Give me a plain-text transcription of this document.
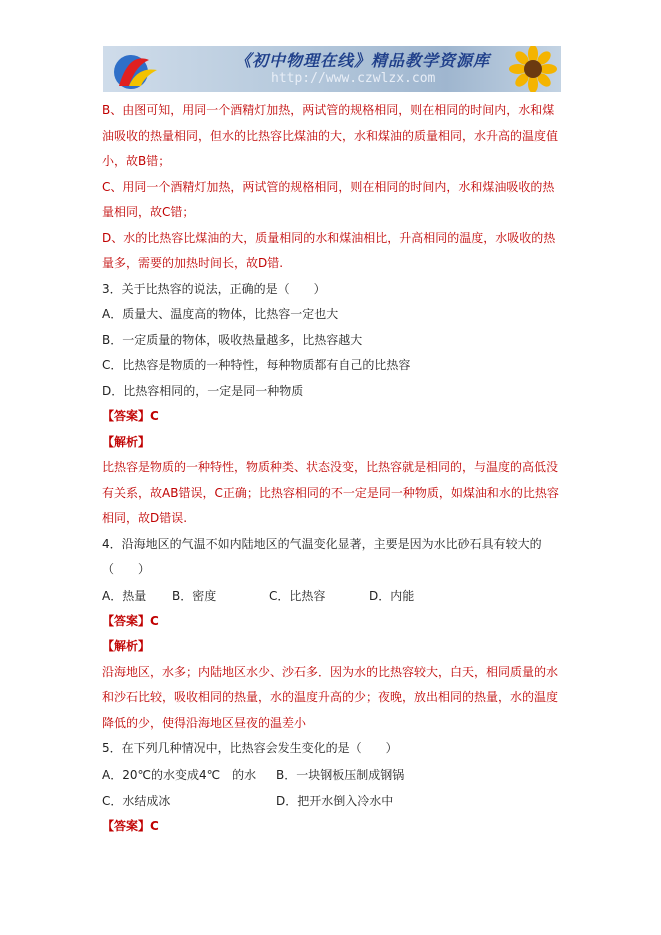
《初中物理在线》精品教学资源库
http://www.czwlzx.com

B、由图可知，用同一个酒精灯加热，两试管的规格相同，则在相同的时间内，水和煤油吸收的热量相同，但水的比热容比煤油的大，水和煤油的质量相同，水升高的温度值小，故B错；

C、用同一个酒精灯加热，两试管的规格相同，则在相同的时间内，水和煤油吸收的热量相同，故C错；

D、水的比热容比煤油的大，质量相同的水和煤油相比，升高相同的温度，水吸收的热量多，需要的加热时间长，故D错.

3．关于比热容的说法，正确的是（　　）

A．质量大、温度高的物体，比热容一定也大

B．一定质量的物体，吸收热量越多，比热容越大

C．比热容是物质的一种特性，每种物质都有自己的比热容

D．比热容相同的，一定是同一种物质

【答案】C

【解析】

比热容是物质的一种特性，物质种类、状态没变，比热容就是相同的，与温度的高低没有关系，故AB错误，C正确；比热容相同的不一定是同一种物质，如煤油和水的比热容相同，故D错误.

4．沿海地区的气温不如内陆地区的气温变化显著，主要是因为水比砂石具有较大的（　　）

A．热量	B．密度	C．比热容	D．内能

【答案】C

【解析】

沿海地区，水多；内陆地区水少、沙石多．因为水的比热容较大，白天，相同质量的水和沙石比较，吸收相同的热量，水的温度升高的少；夜晚，放出相同的热量，水的温度降低的少，使得沿海地区昼夜的温差小

5．在下列几种情况中，比热容会发生变化的是（　　）

A．20℃的水变成4℃　的水	B．一块钢板压制成钢锅
C．水结成冰	D．把开水倒入冷水中

【答案】C
